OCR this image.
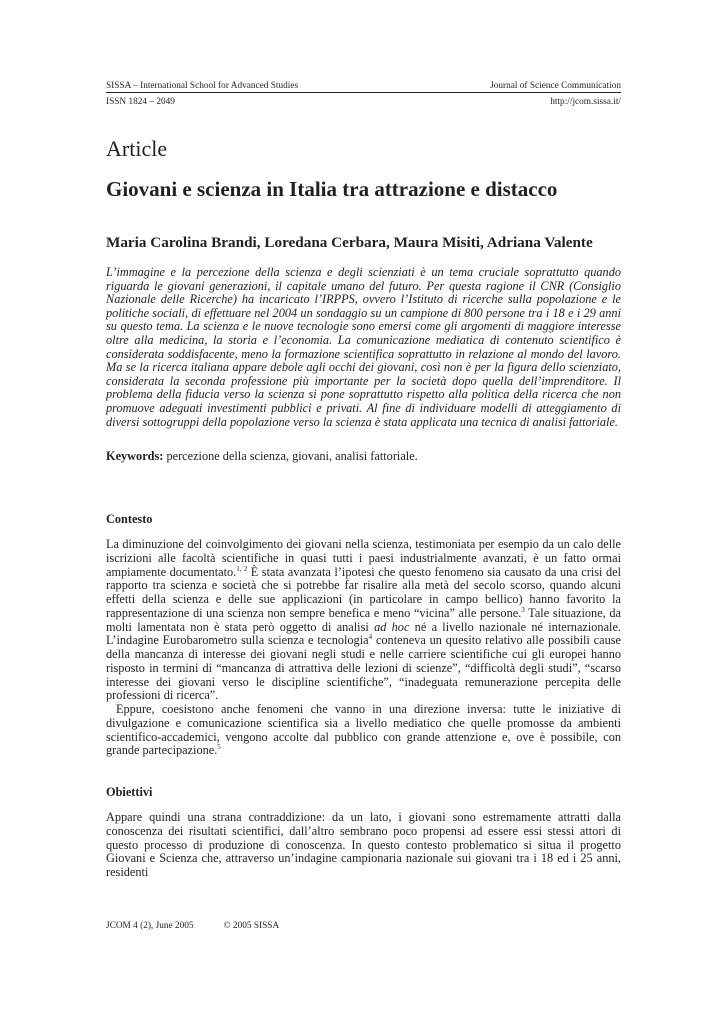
SISSA – International School for Advanced Studies	Journal of Science Communication
ISSN 1824 – 2049	http://jcom.sissa.it/
Article
Giovani e scienza in Italia tra attrazione e distacco
Maria Carolina Brandi, Loredana Cerbara, Maura Misiti, Adriana Valente
L’immagine e la percezione della scienza e degli scienziati è un tema cruciale soprattutto quando riguarda le giovani generazioni, il capitale umano del futuro. Per questa ragione il CNR (Consiglio Nazionale delle Ricerche) ha incaricato l’IRPPS, ovvero l’Istituto di ricerche sulla popolazione e le politiche sociali, di effettuare nel 2004 un sondaggio su un campione di 800 persone tra i 18 e i 29 anni su questo tema. La scienza e le nuove tecnologie sono emersi come gli argomenti di maggiore interesse oltre alla medicina, la storia e l’economia. La comunicazione mediatica di contenuto scientifico è considerata soddisfacente, meno la formazione scientifica soprattutto in relazione al mondo del lavoro. Ma se la ricerca italiana appare debole agli occhi dei giovani, così non è per la figura dello scienziato, considerata la seconda professione più importante per la società dopo quella dell’imprenditore. Il problema della fiducia verso la scienza si pone soprattutto rispetto alla politica della ricerca che non promuove adeguati investimenti pubblici e privati. Al fine di individuare modelli di atteggiamento di diversi sottogruppi della popolazione verso la scienza è stata applicata una tecnica di analisi fattoriale.
Keywords: percezione della scienza, giovani, analisi fattoriale.
Contesto

La diminuzione del coinvolgimento dei giovani nella scienza, testimoniata per esempio da un calo delle iscrizioni alle facoltà scientifiche in quasi tutti i paesi industrialmente avanzati, è un fatto ormai ampiamente documentato.$^{1, 2}$ È stata avanzata l’ipotesi che questo fenomeno sia causato da una crisi del rapporto tra scienza e società che si potrebbe far risalire alla metà del secolo scorso, quando alcuni effetti della scienza e delle sue applicazioni (in particolare in campo bellico) hanno favorito la rappresentazione di una scienza non sempre benefica e meno “vicina” alle persone.$^3$ Tale situazione, da molti lamentata non è stata però oggetto di analisi ad hoc né a livello nazionale né internazionale. L’indagine Eurobarometro sulla scienza e tecnologia$^4$ conteneva un quesito relativo alle possibili cause della mancanza di interesse dei giovani negli studi e nelle carriere scientifiche cui gli europei hanno risposto in termini di “mancanza di attrattiva delle lezioni di scienze”, “difficoltà degli studi”, “scarso interesse dei giovani verso le discipline scientifiche”, “inadeguata remunerazione percepita delle professioni di ricerca”.

Eppure, coesistono anche fenomeni che vanno in una direzione inversa: tutte le iniziative di divulgazione e comunicazione scientifica sia a livello mediatico che quelle promosse da ambienti scientifico-accademici, vengono accolte dal pubblico con grande attenzione e, ove è possibile, con grande partecipazione.$^5$

Obiettivi

Appare quindi una strana contraddizione: da un lato, i giovani sono estremamente attratti dalla conoscenza dei risultati scientifici, dall’altro sembrano poco propensi ad essere essi stessi attori di questo processo di produzione di conoscenza. In questo contesto problematico si situa il progetto Giovani e Scienza che, attraverso un’indagine campionaria nazionale sui giovani tra i 18 ed i 25 anni, residenti

JCOM 4 (2), June 2005	© 2005 SISSA
